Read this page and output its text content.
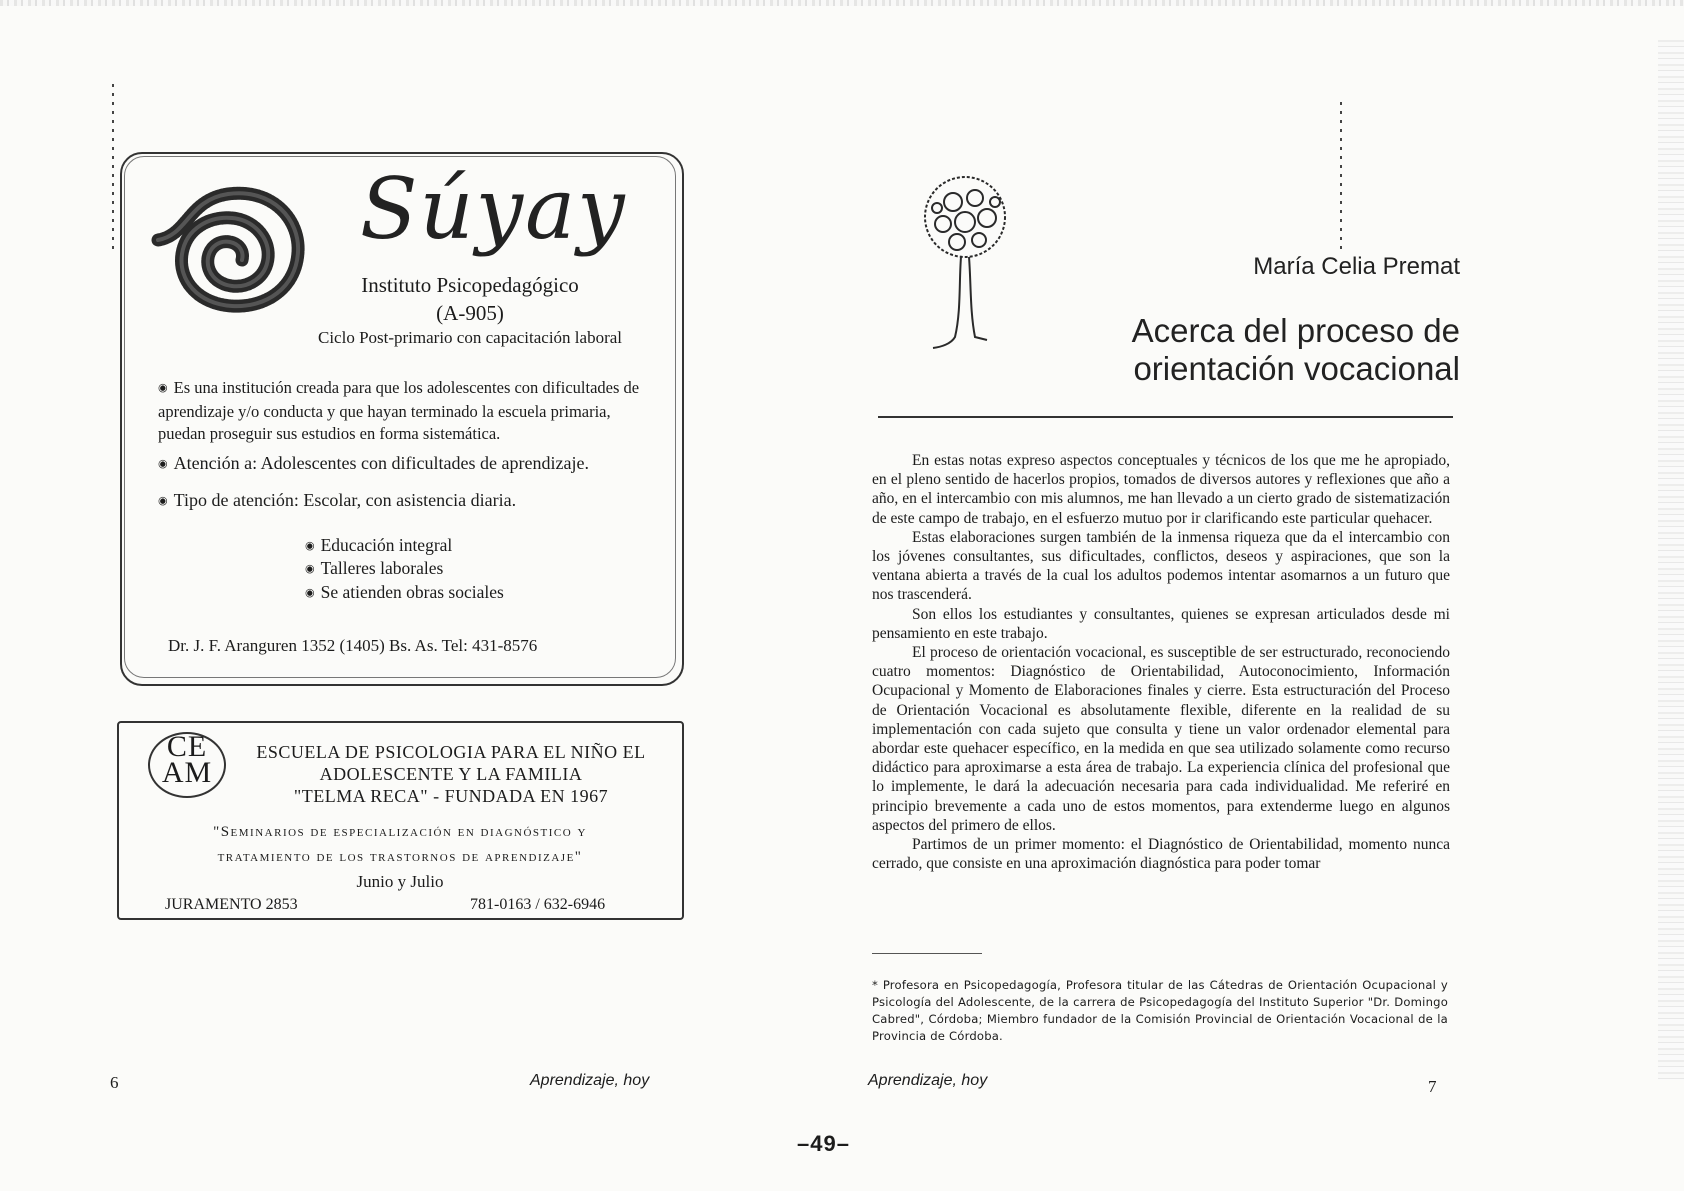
Súyay
Instituto Psicopedagógico
(A-905)
Ciclo Post-primario con capacitación laboral
◉ Es una institución creada para que los adolescentes con dificultades de aprendizaje y/o conducta y que hayan terminado la escuela primaria, puedan proseguir sus estudios en forma sistemática.
◉ Atención a: Adolescentes con dificultades de aprendizaje.
◉ Tipo de atención: Escolar, con asistencia diaria.
◉ Educación integral
◉ Talleres laborales
◉ Se atienden obras sociales
Dr. J. F. Aranguren 1352 (1405) Bs. As. Tel: 431-8576
CE
AM
ESCUELA DE PSICOLOGIA PARA EL NIÑO EL
ADOLESCENTE Y LA FAMILIA
"TELMA RECA" - FUNDADA EN 1967
"Seminarios de especialización en diagnóstico y
tratamiento de los trastornos de aprendizaje"
Junio y Julio
JURAMENTO 2853	781-0163 / 632-6946
6	Aprendizaje, hoy
–49–
María Celia Premat
Acerca del proceso de
orientación vocacional

En estas notas expreso aspectos conceptuales y técnicos de los que me he apropiado, en el pleno sentido de hacerlos propios, tomados de diversos autores y reflexiones que año a año, en el intercambio con mis alumnos, me han llevado a un cierto grado de sistematización de este campo de trabajo, en el esfuerzo mutuo por ir clarificando este particular quehacer.

Estas elaboraciones surgen también de la inmensa riqueza que da el intercambio con los jóvenes consultantes, sus dificultades, conflictos, deseos y aspiraciones, que son la ventana abierta a través de la cual los adultos podemos intentar asomarnos a un futuro que nos trascenderá.

Son ellos los estudiantes y consultantes, quienes se expresan articulados desde mi pensamiento en este trabajo.

El proceso de orientación vocacional, es susceptible de ser estructurado, reconociendo cuatro momentos: Diagnóstico de Orientabilidad, Autoconocimiento, Información Ocupacional y Momento de Elaboraciones finales y cierre. Esta estructuración del Proceso de Orientación Vocacional es absolutamente flexible, diferente en la realidad de su implementación con cada sujeto que consulta y tiene un valor ordenador elemental para abordar este quehacer específico, en la medida en que sea utilizado solamente como recurso didáctico para aproximarse a esta área de trabajo. La experiencia clínica del profesional que lo implemente, le dará la adecuación necesaria para cada individualidad. Me referiré en principio brevemente a cada uno de estos momentos, para extenderme luego en algunos aspectos del primero de ellos.

Partimos de un primer momento: el Diagnóstico de Orientabilidad, momento nunca cerrado, que consiste en una aproximación diagnóstica para poder tomar

* Profesora en Psicopedagogía, Profesora titular de las Cátedras de Orientación Ocupacional y Psicología del Adolescente, de la carrera de Psicopedagogía del Instituto Superior "Dr. Domingo Cabred", Córdoba; Miembro fundador de la Comisión Provincial de Orientación Vocacional de la Provincia de Córdoba.
Aprendizaje, hoy	7
